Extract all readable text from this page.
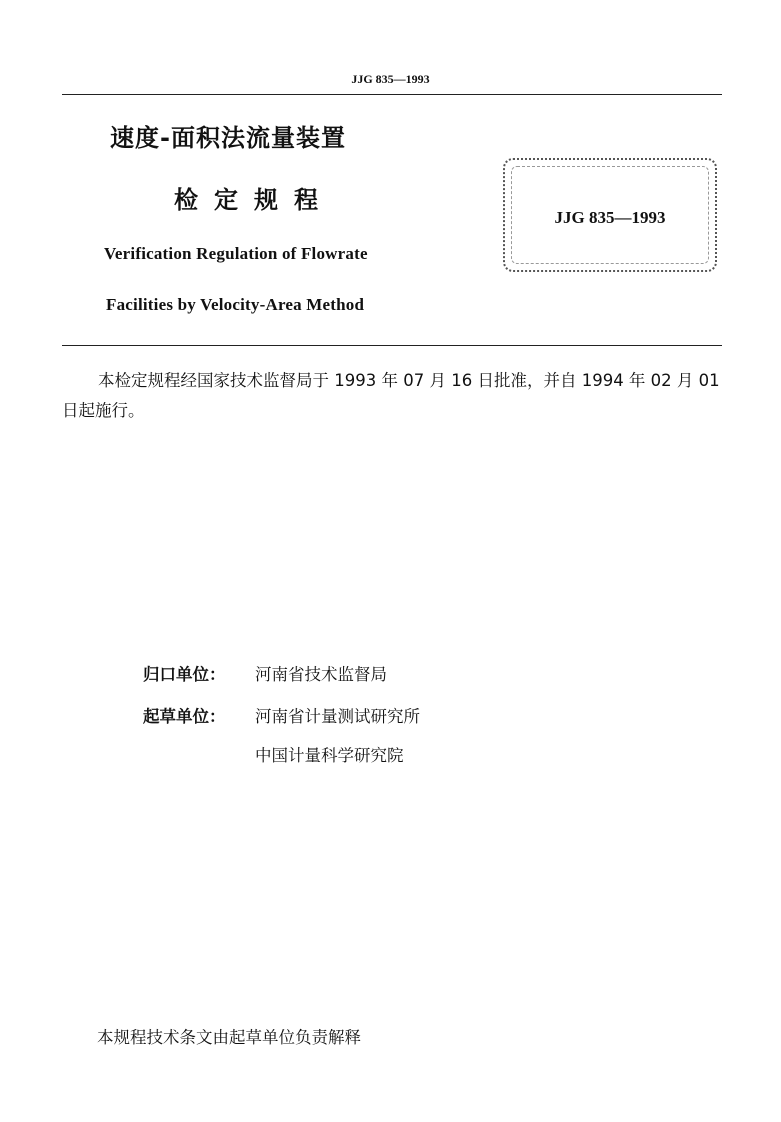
JJG 835—1993
速度-面积法流量装置
检定规程
Verification Regulation of Flowrate
Facilities by Velocity-Area Method
JJG 835—1993
本检定规程经国家技术监督局于 1993 年 07 月 16 日批准，并自 1994 年 02 月 01 日起施行。
归口单位： 河南省技术监督局
起草单位： 河南省计量测试研究所
中国计量科学研究院
本规程技术条文由起草单位负责解释
